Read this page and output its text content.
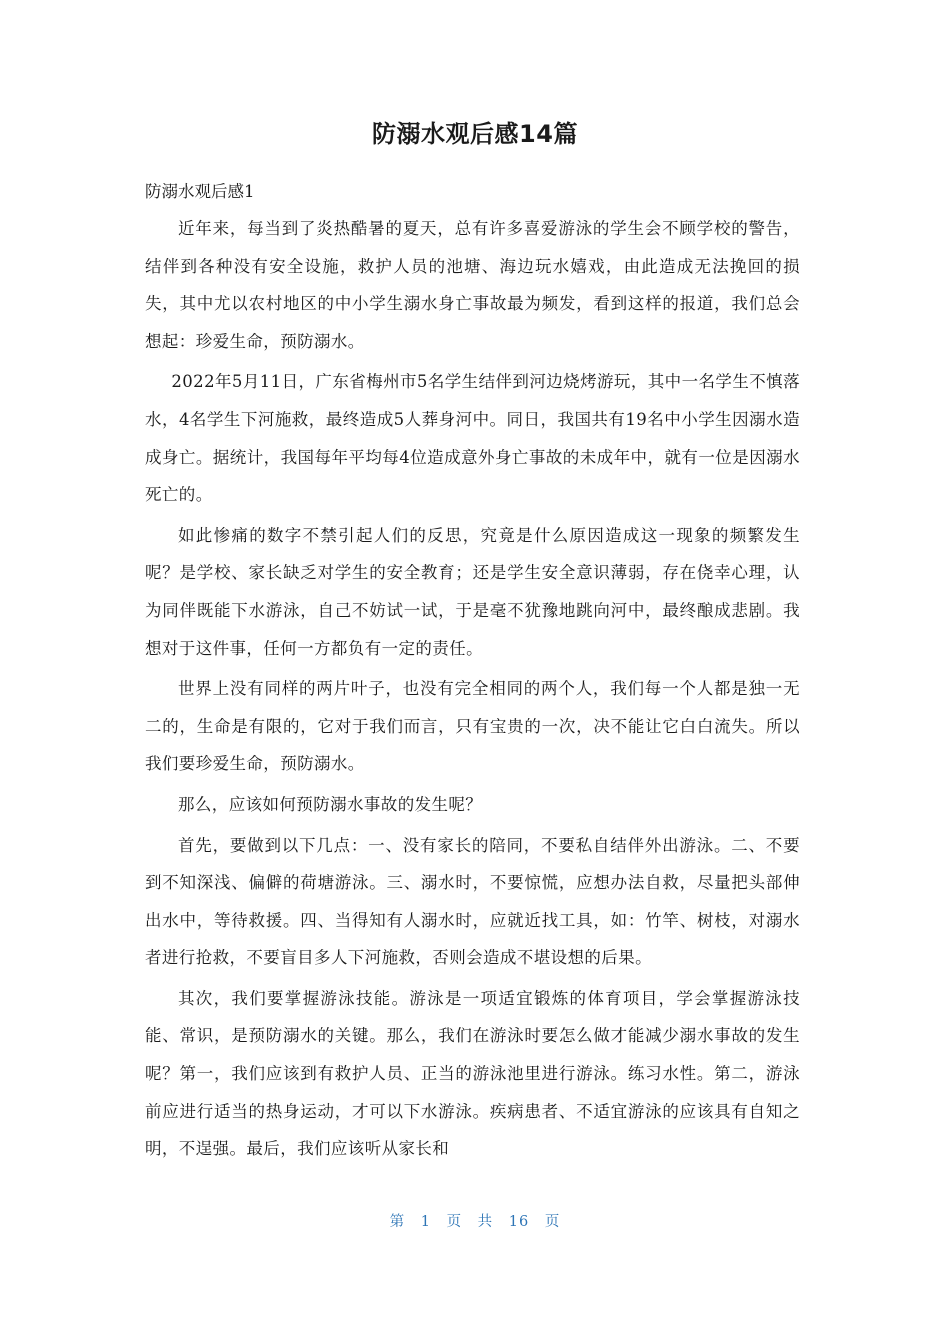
防溺水观后感14篇

防溺水观后感1

近年来，每当到了炎热酷暑的夏天，总有许多喜爱游泳的学生会不顾学校的警告，结伴到各种没有安全设施，救护人员的池塘、海边玩水嬉戏，由此造成无法挽回的损失，其中尤以农村地区的中小学生溺水身亡事故最为频发，看到这样的报道，我们总会想起：珍爱生命，预防溺水。

2022年5月11日，广东省梅州市5名学生结伴到河边烧烤游玩，其中一名学生不慎落水，4名学生下河施救，最终造成5人葬身河中。同日，我国共有19名中小学生因溺水造成身亡。据统计，我国每年平均每4位造成意外身亡事故的未成年中，就有一位是因溺水死亡的。

如此惨痛的数字不禁引起人们的反思，究竟是什么原因造成这一现象的频繁发生呢？是学校、家长缺乏对学生的安全教育；还是学生安全意识薄弱，存在侥幸心理，认为同伴既能下水游泳，自己不妨试一试，于是毫不犹豫地跳向河中，最终酿成悲剧。我想对于这件事，任何一方都负有一定的责任。

世界上没有同样的两片叶子，也没有完全相同的两个人，我们每一个人都是独一无二的，生命是有限的，它对于我们而言，只有宝贵的一次，决不能让它白白流失。所以我们要珍爱生命，预防溺水。

那么，应该如何预防溺水事故的发生呢？

首先，要做到以下几点：一、没有家长的陪同，不要私自结伴外出游泳。二、不要到不知深浅、偏僻的荷塘游泳。三、溺水时，不要惊慌，应想办法自救，尽量把头部伸出水中，等待救援。四、当得知有人溺水时，应就近找工具，如：竹竿、树枝，对溺水者进行抢救，不要盲目多人下河施救，否则会造成不堪设想的后果。

其次，我们要掌握游泳技能。游泳是一项适宜锻炼的体育项目，学会掌握游泳技能、常识，是预防溺水的关键。那么，我们在游泳时要怎么做才能减少溺水事故的发生呢？第一，我们应该到有救护人员、正当的游泳池里进行游泳。练习水性。第二，游泳前应进行适当的热身运动，才可以下水游泳。疾病患者、不适宜游泳的应该具有自知之明，不逞强。最后，我们应该听从家长和

第 1 页 共 16 页
